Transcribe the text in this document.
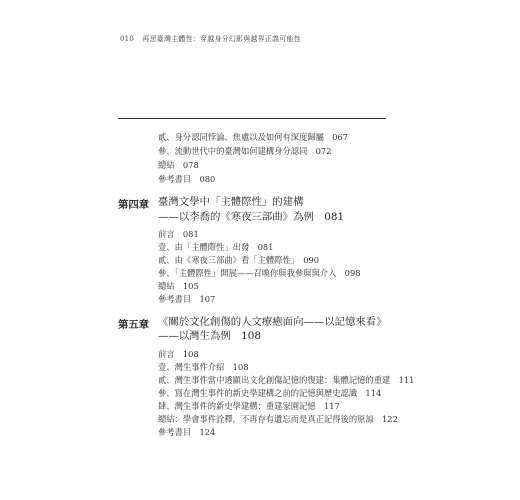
010 再思臺灣主體性：穿越身分幻影與越界正義可能性
貳、身分認同悖論、焦慮以及如何有深度歸屬　067
參、流動世代中的臺灣如何建構身分認同　072
總結　078
參考書目　080
第四章 臺灣文學中「主體際性」的建構
——以李喬的《寒夜三部曲》為例　081
前言　081
壹、由「主體際性」出發　081
貳、由《寒夜三部曲》看「主體際性」　090
參、「主體際性」開展——召喚你與我參與與介入　098
總結　105
參考書目　107
第五章 《關於文化創傷的人文療癒面向——以記憶來看》
——以灣生為例　108
前言　108
壹、灣生事件介紹　108
貳、灣生事件當中透顯出文化創傷記憶的復建：集體記憶的重建　111
參、寫在灣生事件的新史學建構之前的記憶與歷史認識　114
肆、灣生事件的新史學建構：重建家園記憶　117
總結：學會事件詮釋，不再存有遺忘而是真正記得後的原諒　122
參考書目　124
